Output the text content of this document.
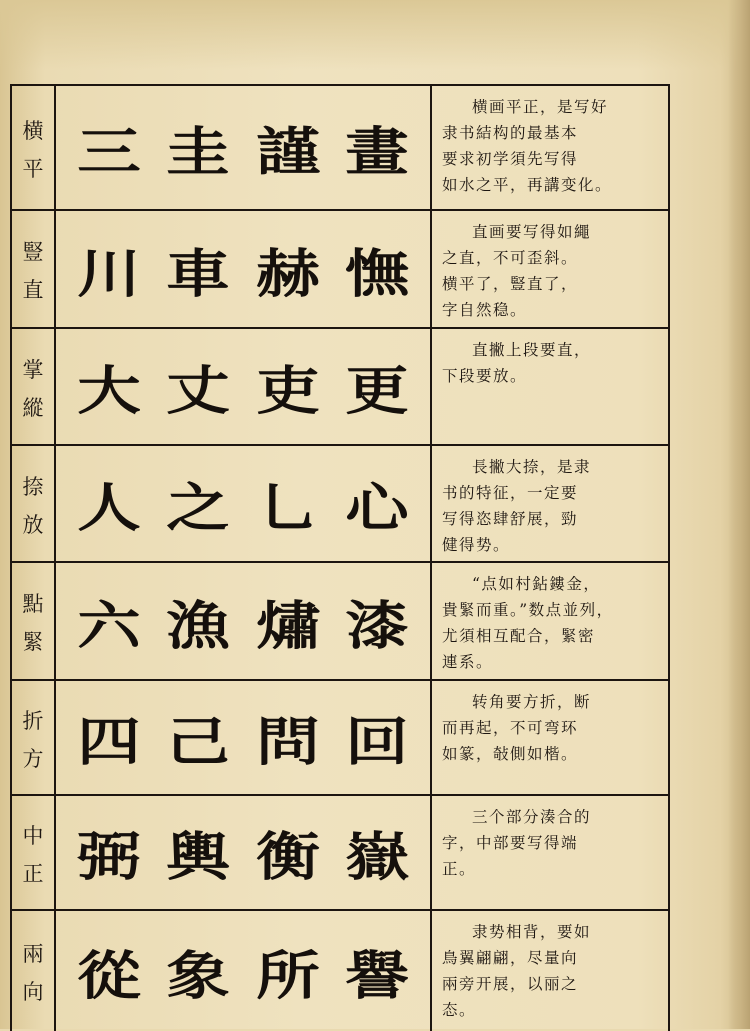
横
平 三 圭 謹 畫
横画平正，是写好
隶书結构的最基本
要求初学須先写得
如水之平，再講变化。
豎
直 川 車 赫 憮
直画要写得如繩
之直，不可歪斜。
横平了，豎直了，
字自然稳。
掌
縱 大 丈 吏 更
直撇上段要直，
下段要放。
捺
放 人 之 乚 心
長撇大捺，是隶
书的特征，一定要
写得恣肆舒展，勁
健得势。
點
緊 六 漁 熽 漆
“点如村鉆鏤金，
貴緊而重。”数点並列，
尤須相互配合，緊密
連系。
折
方 四 己 問 回
转角要方折，断
而再起，不可弯环
如篆，敧側如楷。
中
正 弼 輿 衡 嶽
三个部分湊合的
字，中部要写得端
正。
兩
向 從 象 所 譽
隶势相背，要如
鳥翼翩翩，尽量向
兩旁开展，以丽之
态。
